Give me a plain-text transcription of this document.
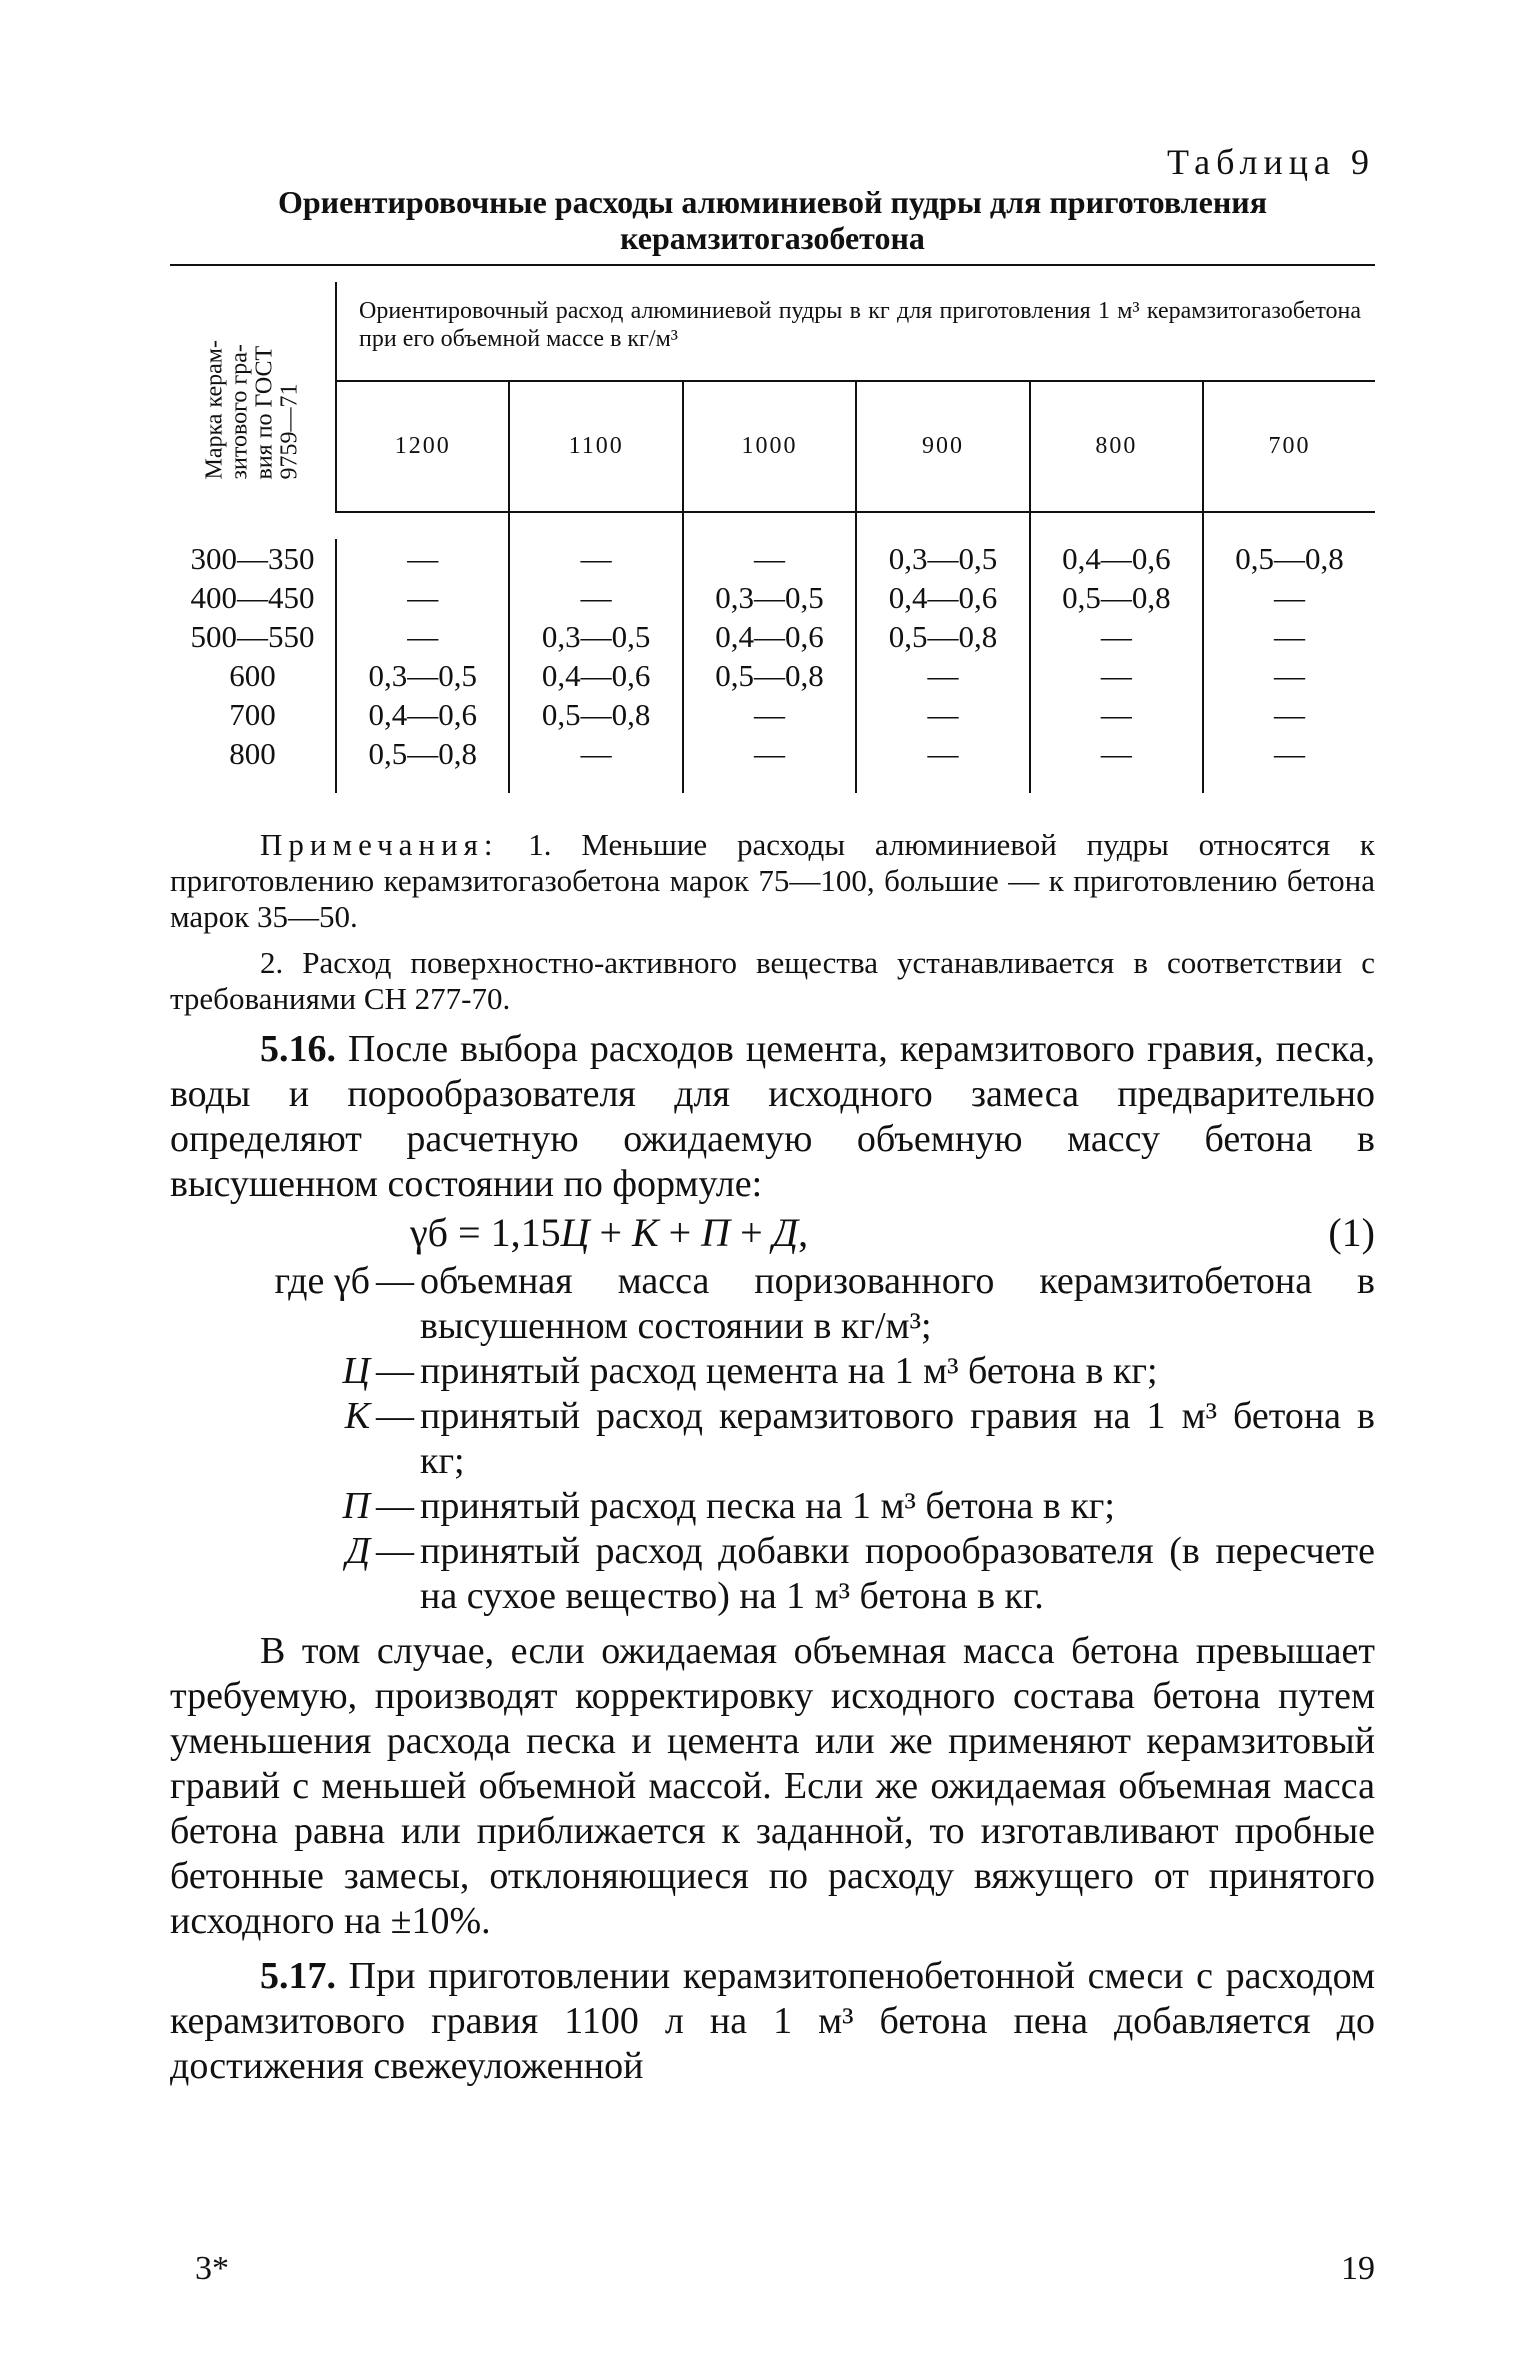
Таблица 9
Ориентировочные расходы алюминиевой пудры для приготовления
керамзитогазобетона
Марка керам-
зитового гра-
вия по ГОСТ
9759—71	Ориентировочный расход алюминиевой пудры в кг для приготовления 1 м³ керамзитогазобетона при его объемной массе в кг/м³					
	1200	1100	1000	900	800	700

300—350	—	—	—	0,3—0,5	0,4—0,6	0,5—0,8
400—450	—	—	0,3—0,5	0,4—0,6	0,5—0,8	—
500—550	—	0,3—0,5	0,4—0,6	0,5—0,8	—	—
600	0,3—0,5	0,4—0,6	0,5—0,8	—	—	—
700	0,4—0,6	0,5—0,8	—	—	—	—
800	0,5—0,8	—	—	—	—	—

Примечания: 1. Меньшие расходы алюминиевой пудры относятся к приготовлению керамзитогазобетона марок 75—100, большие — к приготовлению бетона марок 35—50.

2. Расход поверхностно-активного вещества устанавливается в соответствии с требованиями СН 277-70.

5.16. После выбора расходов цемента, керамзитового гравия, песка, воды и порообразователя для исходного замеса предварительно определяют расчетную ожидаемую объемную массу бетона в высушенном состоянии по формуле:

γб = 1,15Ц + К + П + Д,	(1)
где γб — объемная масса поризованного керамзитобетона в высушенном состоянии в кг/м³;
Ц — принятый расход цемента на 1 м³ бетона в кг;
К — принятый расход керамзитового гравия на 1 м³ бетона в кг;
П — принятый расход песка на 1 м³ бетона в кг;
Д — принятый расход добавки порообразователя (в пересчете на сухое вещество) на 1 м³ бетона в кг.

В том случае, если ожидаемая объемная масса бетона превышает требуемую, производят корректировку исходного состава бетона путем уменьшения расхода песка и цемента или же применяют керамзитовый гравий с меньшей объемной массой. Если же ожидаемая объемная масса бетона равна или приближается к заданной, то изготавливают пробные бетонные замесы, отклоняющиеся по расходу вяжущего от принятого исходного на ±10%.

5.17. При приготовлении керамзитопенобетонной смеси с расходом керамзитового гравия 1100 л на 1 м³ бетона пена добавляется до достижения свежеуложенной

3*	19
